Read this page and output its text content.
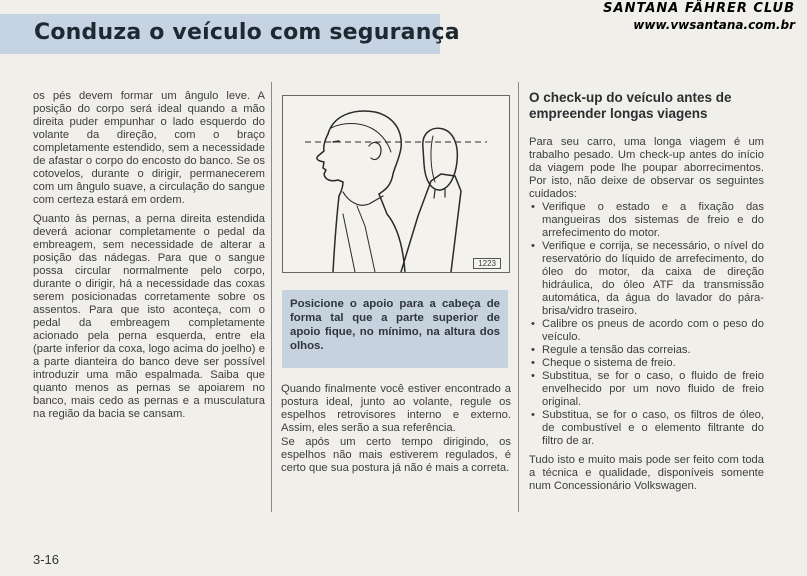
Conduza o veículo com segurança
SANTANA FÄHRER CLUB
www.vwsantana.com.br

os pés devem formar um ângulo leve. A posição do corpo será ideal quando a mão direita puder empunhar o lado esquerdo do volante da direção, com o braço completamente estendido, sem a necessidade de afastar o corpo do encosto do banco. Se os cotovelos, durante o dirigir, permanecerem com um ângulo suave, a circulação do sangue com certeza estará em ordem.

Quanto às pernas, a perna direita estendida deverá acionar completamente o pedal da embreagem, sem necessidade de alterar a posição das nádegas. Para que o sangue possa circular normalmente pelo corpo, durante o dirigir, há a necessidade das coxas serem posicionadas corretamente sobre os assentos. Para que isto aconteça, com o pedal da embreagem completamente acionado pela perna esquerda, entre ela (parte inferior da coxa, logo acima do joelho) e a parte dianteira do banco deve ser possível introduzir uma mão espalmada. Saiba que quanto menos as pernas se apoiarem no banco, mais cedo as pernas e a musculatura na região da bacia se cansam.

1223
Posicione o apoio para a cabeça de forma tal que a parte superior de apoio fique, no mínimo, na altura dos olhos.

Quando finalmente você estiver encontrado a postura ideal, junto ao volante, regule os espelhos retrovisores interno e externo. Assim, eles serão a sua referência.

Se após um certo tempo dirigindo, os espelhos não mais estiverem regulados, é certo que sua postura já não é mais a correta.

O check-up do veículo antes de empreender longas viagens

Para seu carro, uma longa viagem é um trabalho pesado. Um check-up antes do início da viagem pode lhe poupar aborrecimentos. Por isto, não deixe de observar os seguintes cuidados:

• Verifique o estado e a fixação das mangueiras dos sistemas de freio e do arrefecimento do motor.
• Verifique e corrija, se necessário, o nível do reservatório do líquido de arrefecimento, do óleo do motor, da caixa de direção hidráulica, do óleo ATF da transmissão automática, da água do lavador do pára-brisa/vidro traseiro.
• Calibre os pneus de acordo com o peso do veículo.
• Regule a tensão das correias.
• Cheque o sistema de freio.
• Substitua, se for o caso, o fluido de freio envelhecido por um novo fluido de freio original.
• Substitua, se for o caso, os filtros de óleo, de combustível e o elemento filtrante do filtro de ar.

Tudo isto e muito mais pode ser feito com toda a técnica e qualidade, disponíveis somente num Concessionário Volkswagen.

3-16
